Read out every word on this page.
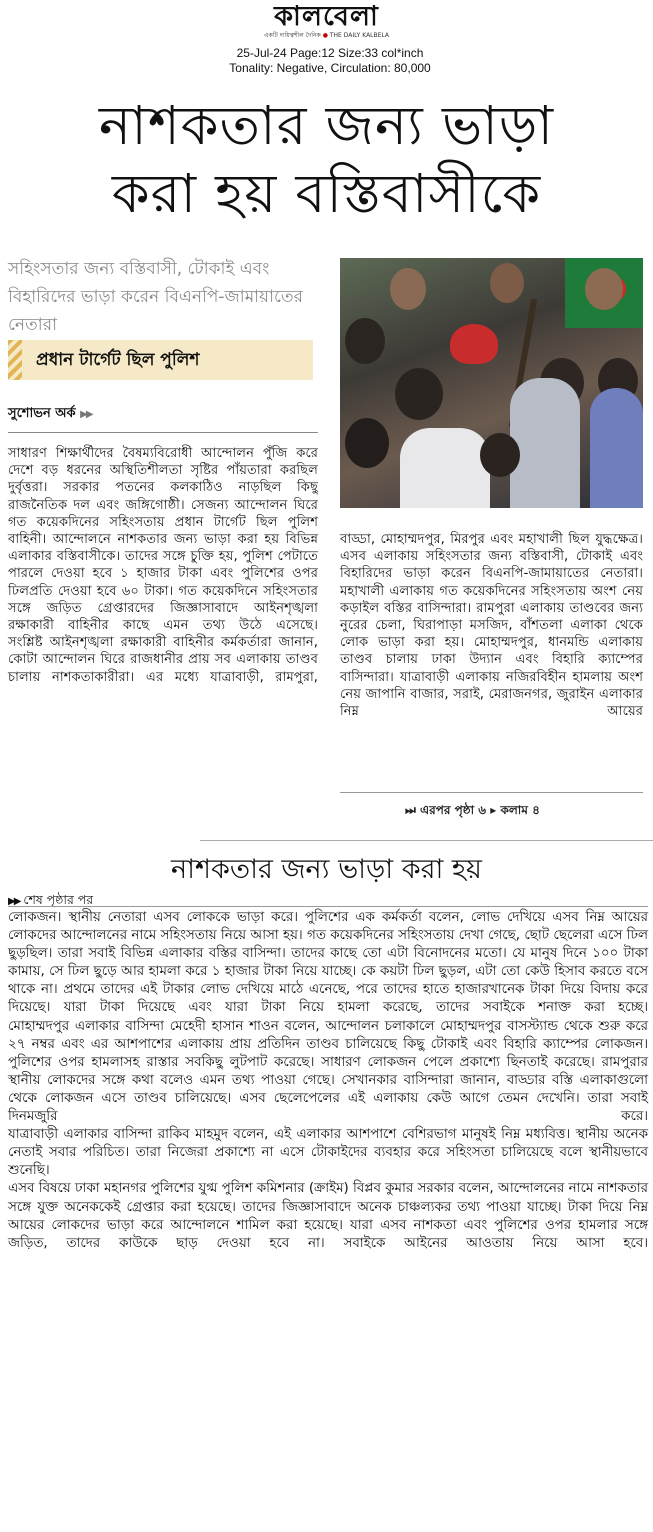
কালবেলা
একটি দায়িত্বশীল দৈনিক ● THE DAILY KALBELA
25-Jul-24 Page:12 Size:33 col*inch
Tonality: Negative, Circulation: 80,000
নাশকতার জন্য ভাড়া
করা হয় বস্তিবাসীকে
সহিংসতার জন্য বস্তিবাসী, টোকাই এবং বিহারিদের ভাড়া করেন বিএনপি-জামায়াতের নেতারা
প্রধান টার্গেট ছিল পুলিশ
সুশোভন অর্ক ▶▶

সাধারণ শিক্ষার্থীদের বৈষম্যবিরোধী আন্দোলন পুঁজি করে দেশে বড় ধরনের অস্থিতিশীলতা সৃষ্টির পাঁয়তারা করছিল দুর্বৃত্তরা। সরকার পতনের কলকাঠিও নাড়ছিল কিছু রাজনৈতিক দল এবং জঙ্গিগোষ্ঠী। সেজন্য আন্দোলন ঘিরে গত কয়েকদিনের সহিংসতায় প্রধান টার্গেট ছিল পুলিশ বাহিনী। আন্দোলনে নাশকতার জন্য ভাড়া করা হয় বিভিন্ন এলাকার বস্তিবাসীকে। তাদের সঙ্গে চুক্তি হয়, পুলিশ পেটাতে পারলে দেওয়া হবে ১ হাজার টাকা এবং পুলিশের ওপর ঢিলপ্রতি দেওয়া হবে ৬০ টাকা। গত কয়েকদিনে সহিংসতার সঙ্গে জড়িত গ্রেপ্তারদের জিজ্ঞাসাবাদে আইনশৃঙ্খলা রক্ষাকারী বাহিনীর কাছে এমন তথ্য উঠে এসেছে।

সংশ্লিষ্ট আইনশৃঙ্খলা রক্ষাকারী বাহিনীর কর্মকর্তারা জানান, কোটা আন্দোলন ঘিরে রাজধানীর প্রায় সব এলাকায় তাণ্ডব চালায় নাশকতাকারীরা। এর মধ্যে যাত্রাবাড়ী, রামপুরা,

বাড্ডা, মোহাম্মদপুর, মিরপুর এবং মহাখালী ছিল যুদ্ধক্ষেত্র। এসব এলাকায় সহিংসতার জন্য বস্তিবাসী, টোকাই এবং বিহারিদের ভাড়া করেন বিএনপি-জামায়াতের নেতারা। মহাখালী এলাকায় গত কয়েকদিনের সহিংসতায় অংশ নেয় কড়াইল বস্তির বাসিন্দারা। রামপুরা এলাকায় তাণ্ডবের জন্য নুরের চেলা, ঘিরাপাড়া মসজিদ, বাঁশতলা এলাকা থেকে লোক ভাড়া করা হয়। মোহাম্মদপুর, ধানমন্ডি এলাকায় তাণ্ডব চালায় ঢাকা উদ্যান এবং বিহারি ক্যাম্পের বাসিন্দারা। যাত্রাবাড়ী এলাকায় নজিরবিহীন হামলায় অংশ নেয় জাপানি বাজার, সরাই, মেরাজনগর, জুরাইন এলাকার নিম্ন আয়ের

⏭ এরপর পৃষ্ঠা ৬ ▸ কলাম ৪
নাশকতার জন্য ভাড়া করা হয়
▶▶ শেষ পৃষ্ঠার পর

লোকজন। স্থানীয় নেতারা এসব লোককে ভাড়া করে। পুলিশের এক কর্মকর্তা বলেন, লোভ দেখিয়ে এসব নিম্ন আয়ের লোকদের আন্দোলনের নামে সহিংসতায় নিয়ে আসা হয়। গত কয়েকদিনের সহিংসতায় দেখা গেছে, ছোট ছেলেরা এসে ঢিল ছুড়ছিল। তারা সবাই বিভিন্ন এলাকার বস্তির বাসিন্দা। তাদের কাছে তো এটা বিনোদনের মতো। যে মানুষ দিনে ১০০ টাকা কামায়, সে ঢিল ছুড়ে আর হামলা করে ১ হাজার টাকা নিয়ে যাচ্ছে। কে কয়টা ঢিল ছুড়ল, এটা তো কেউ হিসাব করতে বসে থাকে না। প্রথমে তাদের এই টাকার লোভ দেখিয়ে মাঠে এনেছে, পরে তাদের হাতে হাজারখানেক টাকা দিয়ে বিদায় করে দিয়েছে। যারা টাকা দিয়েছে এবং যারা টাকা নিয়ে হামলা করেছে, তাদের সবাইকে শনাক্ত করা হচ্ছে।

মোহাম্মদপুর এলাকার বাসিন্দা মেহেদী হাসান শাওন বলেন, আন্দোলন চলাকালে মোহাম্মদপুর বাসস্ট্যান্ড থেকে শুরু করে ২৭ নম্বর এবং এর আশপাশের এলাকায় প্রায় প্রতিদিন তাণ্ডব চালিয়েছে কিছু টোকাই এবং বিহারি ক্যাম্পের লোকজন। পুলিশের ওপর হামলাসহ রাস্তার সবকিছু লুটপাট করেছে। সাধারণ লোকজন পেলে প্রকাশ্যে ছিনতাই করেছে। রামপুরার স্থানীয় লোকদের সঙ্গে কথা বলেও এমন তথ্য পাওয়া গেছে। সেখানকার বাসিন্দারা জানান, বাড্ডার বস্তি এলাকাগুলো থেকে লোকজন এসে তাণ্ডব চালিয়েছে। এসব ছেলেপেলের এই এলাকায় কেউ আগে তেমন দেখেনি। তারা সবাই দিনমজুরি করে।

যাত্রাবাড়ী এলাকার বাসিন্দা রাকিব মাহমুদ বলেন, এই এলাকার আশপাশে বেশিরভাগ মানুষই নিম্ন মধ্যবিত্ত। স্থানীয় অনেক নেতাই সবার পরিচিত। তারা নিজেরা প্রকাশ্যে না এসে টোকাইদের ব্যবহার করে সহিংসতা চালিয়েছে বলে স্থানীয়ভাবে শুনেছি।

এসব বিষয়ে ঢাকা মহানগর পুলিশের যুগ্ম পুলিশ কমিশনার (ক্রাইম) বিপ্লব কুমার সরকার বলেন, আন্দোলনের নামে নাশকতার সঙ্গে যুক্ত অনেককেই গ্রেপ্তার করা হয়েছে। তাদের জিজ্ঞাসাবাদে অনেক চাঞ্চল্যকর তথ্য পাওয়া যাচ্ছে। টাকা দিয়ে নিম্ন আয়ের লোকদের ভাড়া করে আন্দোলনে শামিল করা হয়েছে। যারা এসব নাশকতা এবং পুলিশের ওপর হামলার সঙ্গে জড়িত, তাদের কাউকে ছাড় দেওয়া হবে না। সবাইকে আইনের আওতায় নিয়ে আসা হবে।
